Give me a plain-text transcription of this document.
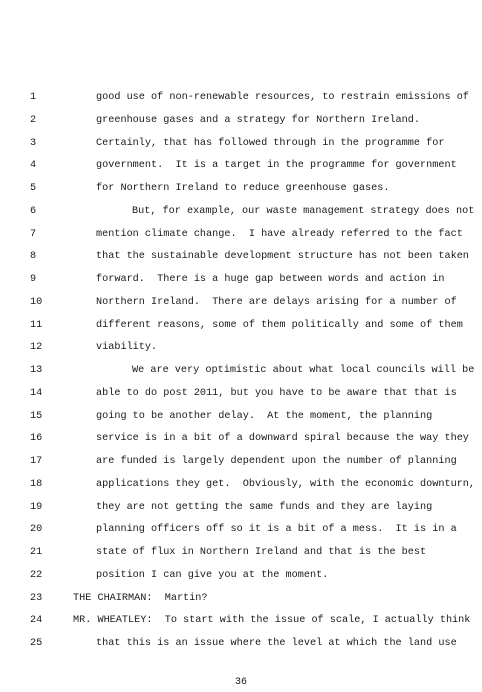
1	good use of non-renewable resources, to restrain emissions of
2	greenhouse gases and a strategy for Northern Ireland.
3	Certainly, that has followed through in the programme for
4	government.  It is a target in the programme for government
5	for Northern Ireland to reduce greenhouse gases.
6	But, for example, our waste management strategy does not
7	mention climate change.  I have already referred to the fact
8	that the sustainable development structure has not been taken
9	forward.  There is a huge gap between words and action in
10	Northern Ireland.  There are delays arising for a number of
11	different reasons, some of them politically and some of them
12	viability.
13	We are very optimistic about what local councils will be
14	able to do post 2011, but you have to be aware that that is
15	going to be another delay.  At the moment, the planning
16	service is in a bit of a downward spiral because the way they
17	are funded is largely dependent upon the number of planning
18	applications they get.  Obviously, with the economic downturn,
19	they are not getting the same funds and they are laying
20	planning officers off so it is a bit of a mess.  It is in a
21	state of flux in Northern Ireland and that is the best
22	position I can give you at the moment.
23	THE CHAIRMAN: Martin?
24	MR. WHEATLEY: To start with the issue of scale, I actually think
25	that this is an issue where the level at which the land use
36
